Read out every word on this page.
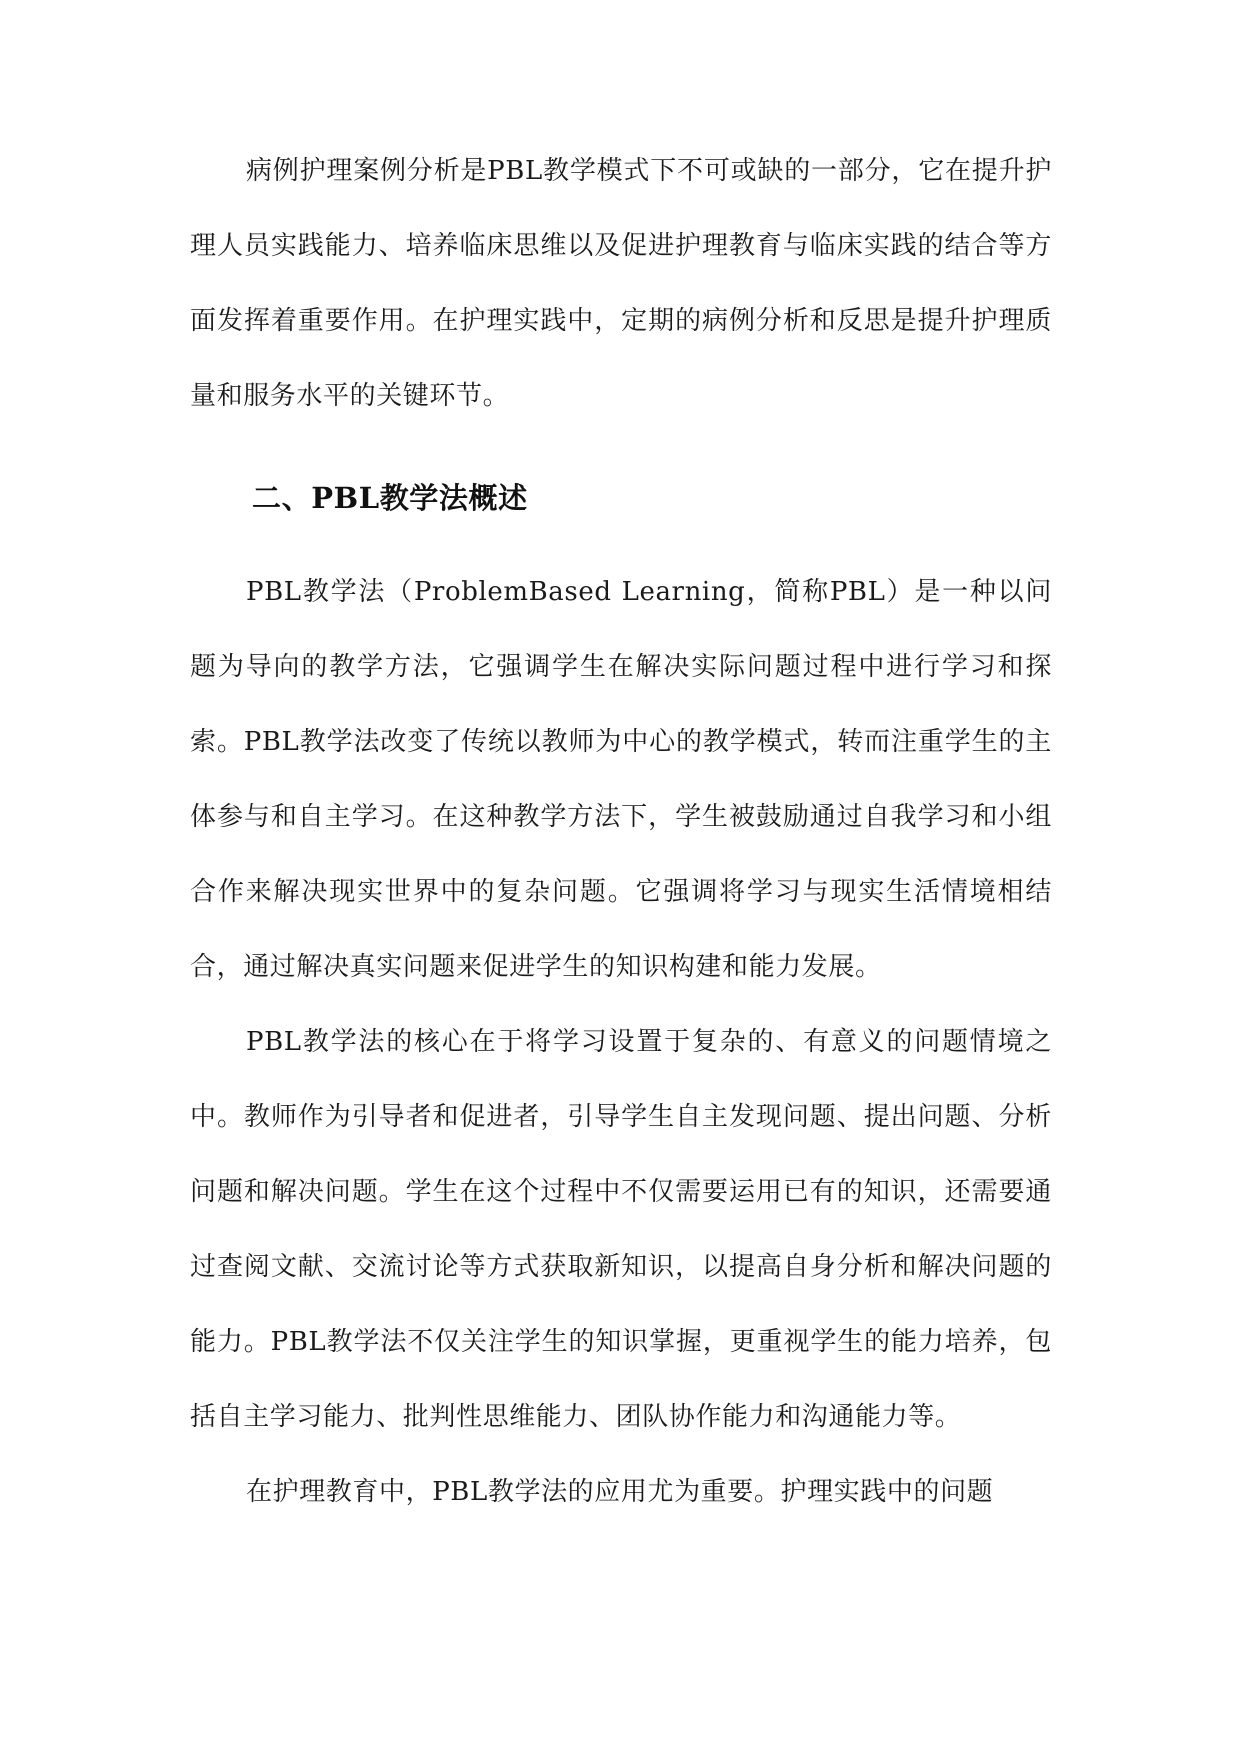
病例护理案例分析是PBL教学模式下不可或缺的一部分，它在提升护理人员实践能力、培养临床思维以及促进护理教育与临床实践的结合等方面发挥着重要作用。在护理实践中，定期的病例分析和反思是提升护理质量和服务水平的关键环节。

二、PBL教学法概述

PBL教学法（ProblemBased Learning，简称PBL）是一种以问题为导向的教学方法，它强调学生在解决实际问题过程中进行学习和探索。PBL教学法改变了传统以教师为中心的教学模式，转而注重学生的主体参与和自主学习。在这种教学方法下，学生被鼓励通过自我学习和小组合作来解决现实世界中的复杂问题。它强调将学习与现实生活情境相结合，通过解决真实问题来促进学生的知识构建和能力发展。

PBL教学法的核心在于将学习设置于复杂的、有意义的问题情境之中。教师作为引导者和促进者，引导学生自主发现问题、提出问题、分析问题和解决问题。学生在这个过程中不仅需要运用已有的知识，还需要通过查阅文献、交流讨论等方式获取新知识，以提高自身分析和解决问题的能力。PBL教学法不仅关注学生的知识掌握，更重视学生的能力培养，包括自主学习能力、批判性思维能力、团队协作能力和沟通能力等。

在护理教育中，PBL教学法的应用尤为重要。护理实践中的问题
